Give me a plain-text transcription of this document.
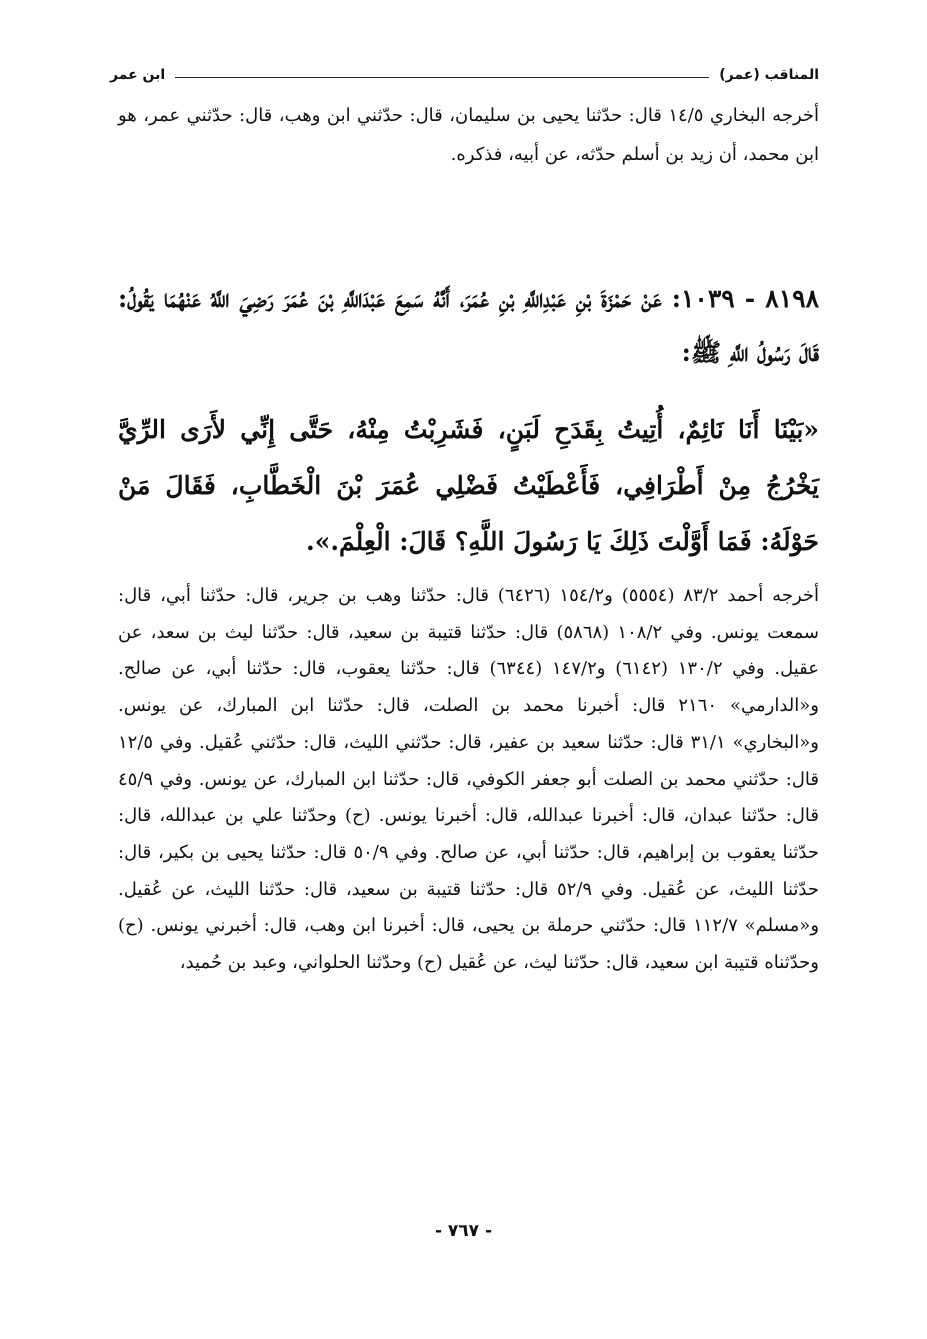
المناقب (عمر)
ابن عمر
أخرجه البخاري ١٤/٥ قال: حدّثنا يحيى بن سليمان، قال: حدّثني ابن وهب، قال: حدّثني عمر، هو ابن محمد، أن زيد بن أسلم حدّثه، عن أبيه، فذكره.
٨١٩٨ - ١٠٣٩: عَنْ حَمْزَةَ بْنِ عَبْدِاللَّهِ بْنِ عُمَرَ، أَنَّهُ سَمِعَ عَبْدَاللَّهِ بْنَ عُمَرَ رَضِيَ اللَّهُ عَنْهُمَا يَقُولُ: قَالَ رَسُولُ اللَّهِ ﷺ:
«بَيْنَا أَنَا نَائِمٌ، أُتِيتُ بِقَدَحِ لَبَنٍ، فَشَرِبْتُ مِنْهُ، حَتَّى إِنِّي لأَرَى الرِّيَّ يَخْرُجُ مِنْ أَطْرَافِي، فَأَعْطَيْتُ فَضْلِي عُمَرَ بْنَ الْخَطَّابِ، فَقَالَ مَنْ حَوْلَهُ: فَمَا أَوَّلْتَ ذَلِكَ يَا رَسُولَ اللَّهِ؟ قَالَ: الْعِلْمَ.».
أخرجه أحمد ٨٣/٢ (٥٥٥٤) و١٥٤/٢ (٦٤٢٦) قال: حدّثنا وهب بن جرير، قال: حدّثنا أبي، قال: سمعت يونس. وفي ١٠٨/٢ (٥٨٦٨) قال: حدّثنا قتيبة بن سعيد، قال: حدّثنا ليث بن سعد، عن عقيل. وفي ١٣٠/٢ (٦١٤٢) و١٤٧/٢ (٦٣٤٤) قال: حدّثنا يعقوب، قال: حدّثنا أبي، عن صالح. و«الدارمي» ٢١٦٠ قال: أخبرنا محمد بن الصلت، قال: حدّثنا ابن المبارك، عن يونس. و«البخاري» ٣١/١ قال: حدّثنا سعيد بن عفير، قال: حدّثني الليث، قال: حدّثني عُقيل. وفي ١٢/٥ قال: حدّثني محمد بن الصلت أبو جعفر الكوفي، قال: حدّثنا ابن المبارك، عن يونس. وفي ٤٥/٩ قال: حدّثنا عبدان، قال: أخبرنا عبدالله، قال: أخبرنا يونس. (ح) وحدّثنا علي بن عبدالله، قال: حدّثنا يعقوب بن إبراهيم، قال: حدّثنا أبي، عن صالح. وفي ٥٠/٩ قال: حدّثنا يحيى بن بكير، قال: حدّثنا الليث، عن عُقيل. وفي ٥٢/٩ قال: حدّثنا قتيبة بن سعيد، قال: حدّثنا الليث، عن عُقيل. و«مسلم» ١١٢/٧ قال: حدّثني حرملة بن يحيى، قال: أخبرنا ابن وهب، قال: أخبرني يونس. (ح) وحدّثناه قتيبة ابن سعيد، قال: حدّثنا ليث، عن عُقيل (ح) وحدّثنا الحلواني، وعبد بن حُميد،
- ٧٦٧ -
